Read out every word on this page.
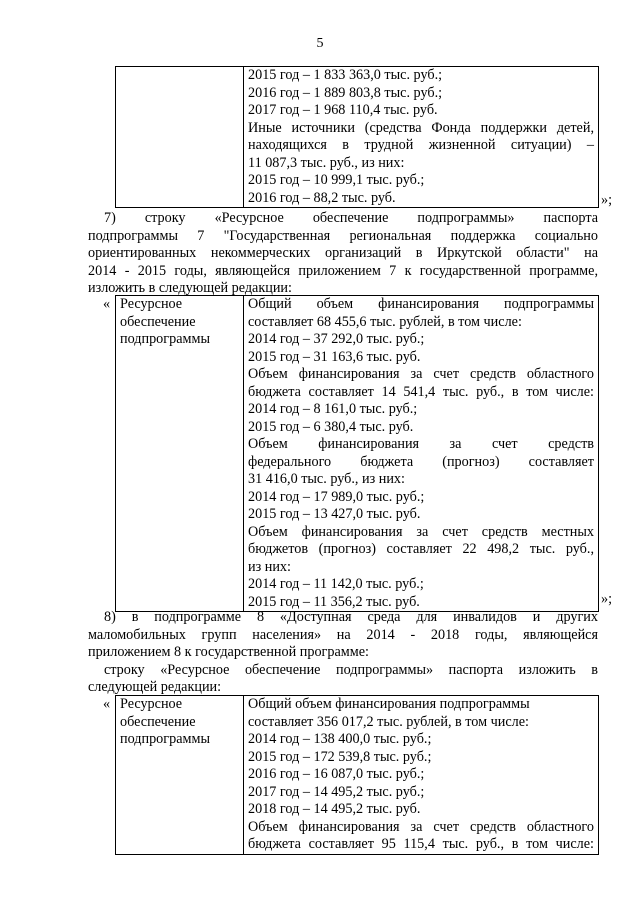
5

2015 год – 1 833 363,0 тыс. руб.;
2016 год – 1 889 803,8 тыс. руб.;
2017 год – 1 968 110,4 тыс. руб.
Иные источники (средства Фонда поддержки детей,
находящихся в трудной жизненной ситуации) –
11 087,3 тыс. руб., из них:
2015 год – 10 999,1 тыс. руб.;
2016 год – 88,2 тыс. руб.	»;
7) строку «Ресурсное обеспечение подпрограммы» паспорта
подпрограммы 7 "Государственная региональная поддержка социально
ориентированных некоммерческих организаций в Иркутской области" на
2014 - 2015 годы, являющейся приложением 7 к государственной программе,
изложить в следующей редакции:
« Ресурсное
обеспечение
подпрограммы

Общий объем финансирования подпрограммы
составляет 68 455,6 тыс. рублей, в том числе:
2014 год – 37 292,0 тыс. руб.;
2015 год – 31 163,6 тыс. руб.
Объем финансирования за счет средств областного
бюджета составляет 14 541,4 тыс. руб., в том числе:
2014 год – 8 161,0 тыс. руб.;
2015 год – 6 380,4 тыс. руб.
Объем финансирования за счет средств
федерального бюджета (прогноз) составляет
31 416,0 тыс. руб., из них:
2014 год – 17 989,0 тыс. руб.;
2015 год – 13 427,0 тыс. руб.
Объем финансирования за счет средств местных
бюджетов (прогноз) составляет 22 498,2 тыс. руб.,
из них:
2014 год – 11 142,0 тыс. руб.;
2015 год – 11 356,2 тыс. руб.	»;
8) в подпрограмме 8 «Доступная среда для инвалидов и других
маломобильных групп населения» на 2014 - 2018 годы, являющейся
приложением 8 к государственной программе:
строку «Ресурсное обеспечение подпрограммы» паспорта изложить в
следующей редакции:
« Ресурсное
обеспечение
подпрограммы

Общий объем финансирования подпрограммы
составляет 356 017,2 тыс. рублей, в том числе:
2014 год – 138 400,0 тыс. руб.;
2015 год – 172 539,8 тыс. руб.;
2016 год – 16 087,0 тыс. руб.;
2017 год – 14 495,2 тыс. руб.;
2018 год – 14 495,2 тыс. руб.
Объем финансирования за счет средств областного
бюджета составляет 95 115,4 тыс. руб., в том числе:
